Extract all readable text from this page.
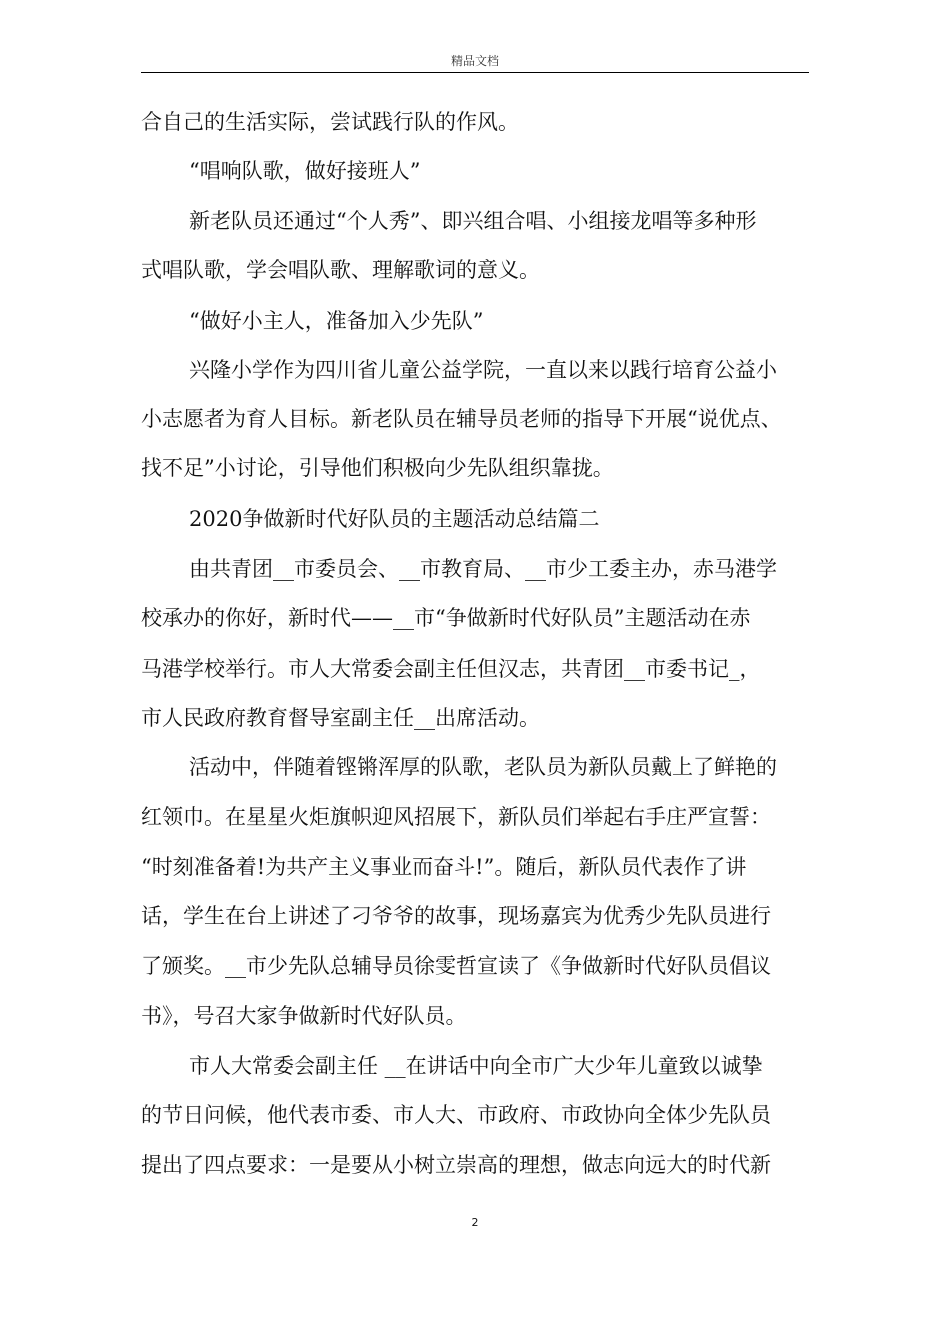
精品文档
合自己的生活实际，尝试践行队的作风。
“唱响队歌，做好接班人”
新老队员还通过“个人秀”、即兴组合唱、小组接龙唱等多种形
式唱队歌，学会唱队歌、理解歌词的意义。
“做好小主人，准备加入少先队”
兴隆小学作为四川省儿童公益学院，一直以来以践行培育公益小
小志愿者为育人目标。新老队员在辅导员老师的指导下开展“说优点、
找不足”小讨论，引导他们积极向少先队组织靠拢。
2020争做新时代好队员的主题活动总结篇二
由共青团__市委员会、__市教育局、__市少工委主办，赤马港学
校承办的你好，新时代——__市“争做新时代好队员”主题活动在赤
马港学校举行。市人大常委会副主任但汉志，共青团__市委书记_，
市人民政府教育督导室副主任__出席活动。
活动中，伴随着铿锵浑厚的队歌，老队员为新队员戴上了鲜艳的
红领巾。在星星火炬旗帜迎风招展下，新队员们举起右手庄严宣誓：
“时刻准备着!为共产主义事业而奋斗!”。随后，新队员代表作了讲
话，学生在台上讲述了刁爷爷的故事，现场嘉宾为优秀少先队员进行
了颁奖。__市少先队总辅导员徐雯哲宣读了《争做新时代好队员倡议
书》，号召大家争做新时代好队员。
市人大常委会副主任 __在讲话中向全市广大少年儿童致以诚挚
的节日问候，他代表市委、市人大、市政府、市政协向全体少先队员
提出了四点要求：一是要从小树立崇高的理想，做志向远大的时代新
2
